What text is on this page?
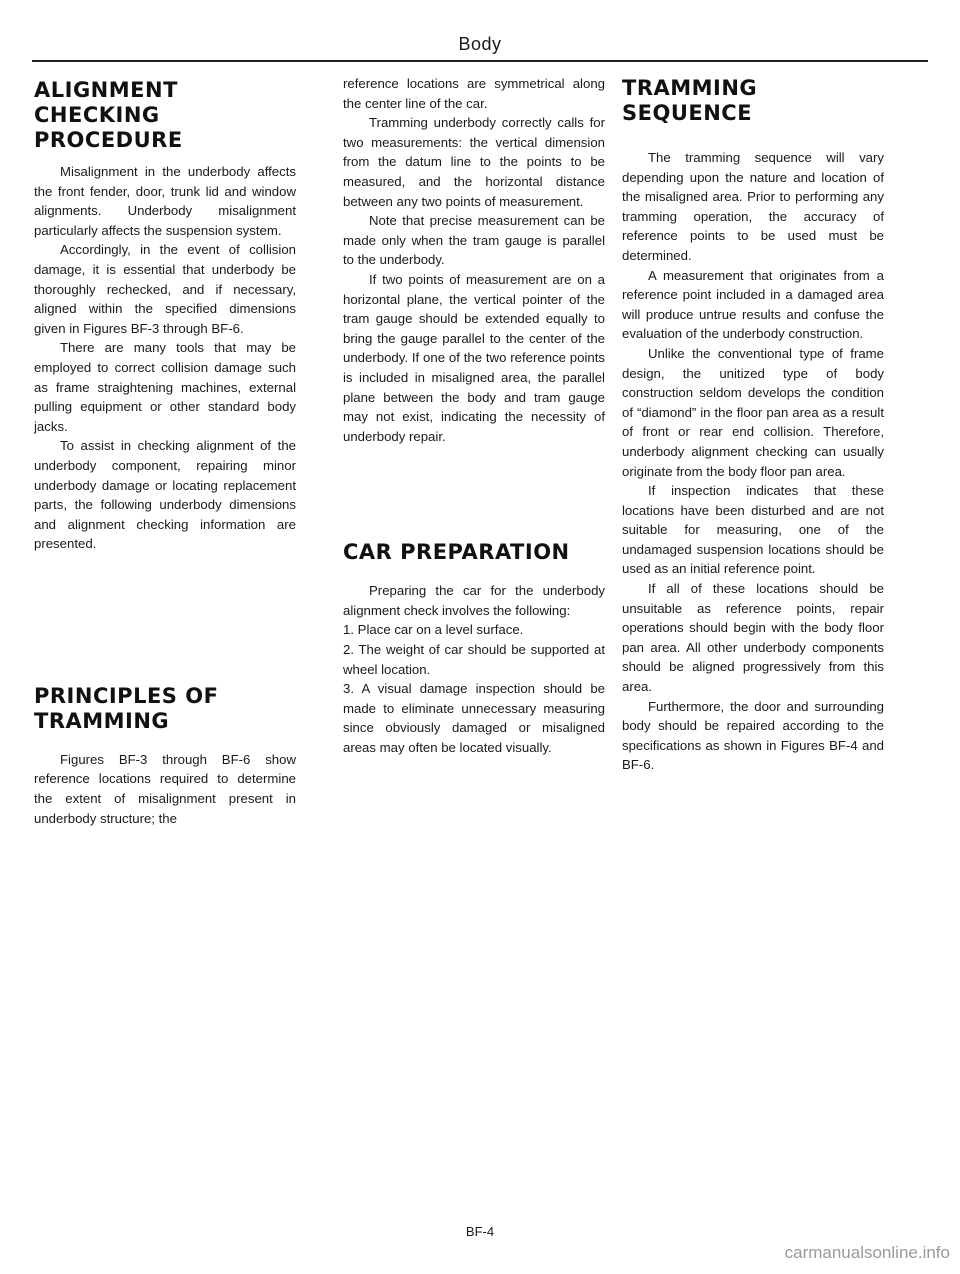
Body
ALIGNMENT CHECKING PROCEDURE

Misalignment in the underbody affects the front fender, door, trunk lid and window alignments. Underbody misalignment particularly affects the suspension system.

Accordingly, in the event of collision damage, it is essential that underbody be thoroughly rechecked, and if necessary, aligned within the specified dimensions given in Figures BF-3 through BF-6.

There are many tools that may be employed to correct collision damage such as frame straightening machines, external pulling equipment or other standard body jacks.

To assist in checking alignment of the underbody component, repairing minor underbody damage or locating replacement parts, the following underbody dimensions and alignment checking information are presented.

PRINCIPLES OF TRAMMING

Figures BF-3 through BF-6 show reference locations required to determine the extent of misalignment present in underbody structure; the

reference locations are symmetrical along the center line of the car.

Tramming underbody correctly calls for two measurements: the vertical dimension from the datum line to the points to be measured, and the horizontal distance between any two points of measurement.

Note that precise measurement can be made only when the tram gauge is parallel to the underbody.

If two points of measurement are on a horizontal plane, the vertical pointer of the tram gauge should be extended equally to bring the gauge parallel to the center of the underbody. If one of the two reference points is included in misaligned area, the parallel plane between the body and tram gauge may not exist, indicating the necessity of underbody repair.

CAR PREPARATION

Preparing the car for the underbody alignment check involves the following:

1. Place car on a level surface.

2. The weight of car should be supported at wheel location.

3. A visual damage inspection should be made to eliminate unnecessary measuring since obviously damaged or misaligned areas may often be located visually.

TRAMMING SEQUENCE

The tramming sequence will vary depending upon the nature and location of the misaligned area. Prior to performing any tramming operation, the accuracy of reference points to be used must be determined.

A measurement that originates from a reference point included in a damaged area will produce untrue results and confuse the evaluation of the underbody construction.

Unlike the conventional type of frame design, the unitized type of body construction seldom develops the condition of “diamond” in the floor pan area as a result of front or rear end collision. Therefore, underbody alignment checking can usually originate from the body floor pan area.

If inspection indicates that these locations have been disturbed and are not suitable for measuring, one of the undamaged suspension locations should be used as an initial reference point.

If all of these locations should be unsuitable as reference points, repair operations should begin with the body floor pan area. All other underbody components should be aligned progressively from this area.

Furthermore, the door and surrounding body should be repaired according to the specifications as shown in Figures BF-4 and BF-6.

BF-4
carmanualsonline.info
